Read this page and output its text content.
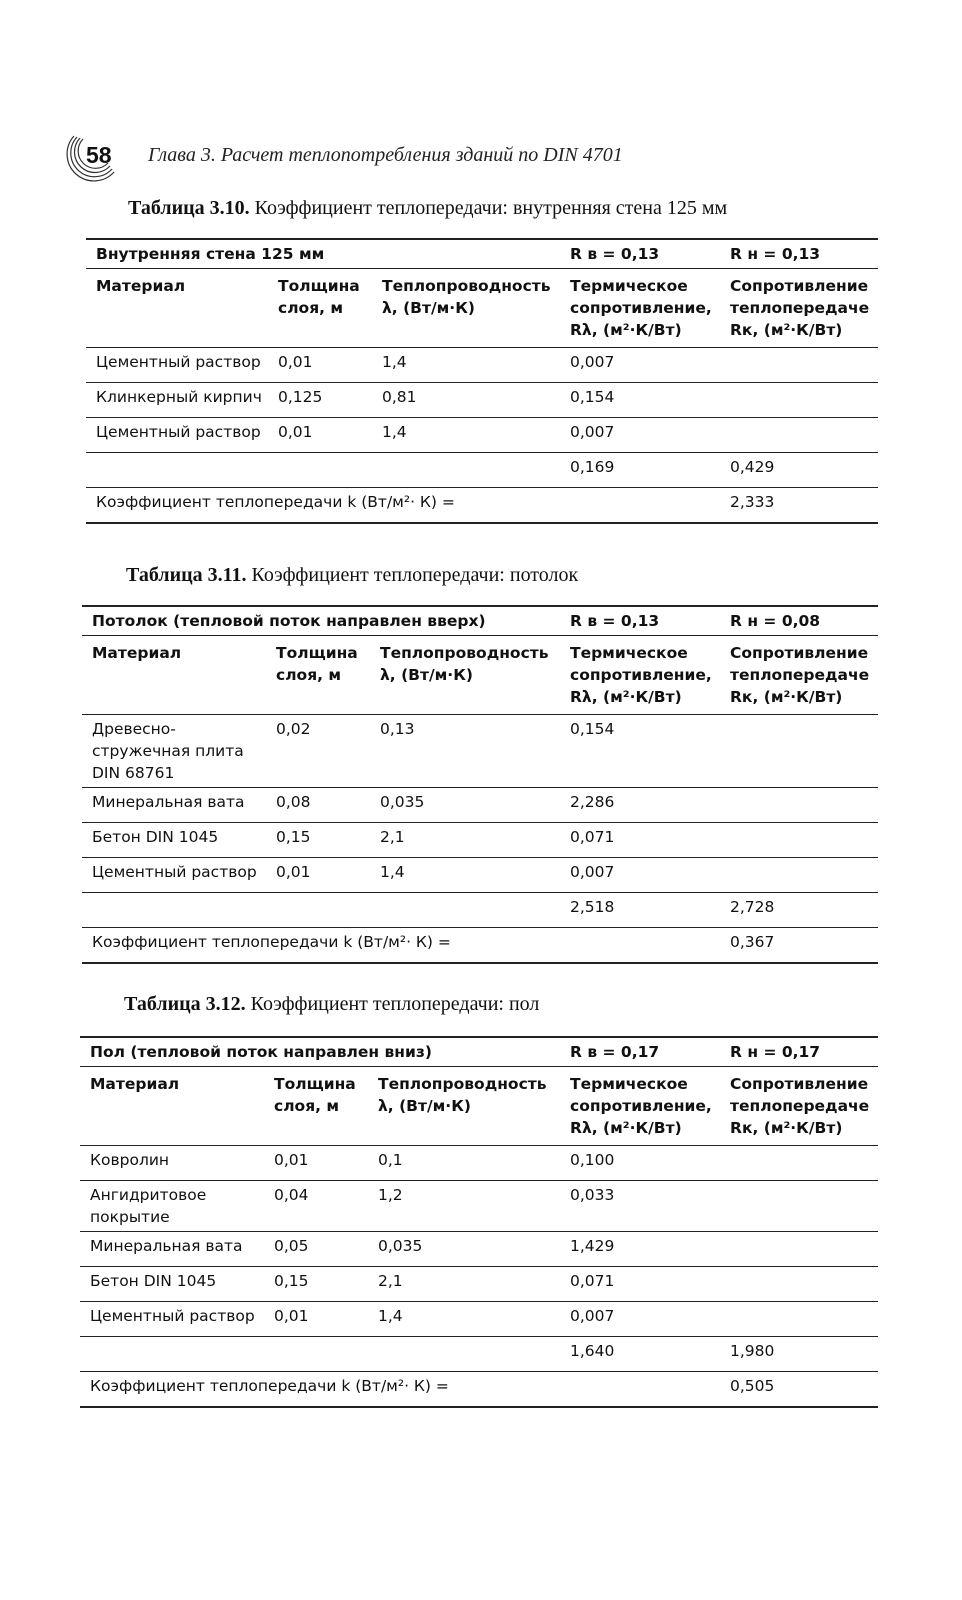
58 Глава 3. Расчет теплопотребления зданий по DIN 4701
Таблица 3.10. Коэффициент теплопередачи: внутренняя стена 125 мм
Внутренняя стена 125 мм			R в = 0,13	R н = 0,13
Материал	Толщина слоя, м	Теплопроводность λ, (Вт/м·К)	Термическое сопротивление, Rλ, (м²·К/Вт)	Сопротивление теплопередаче Rк, (м²·К/Вт)
Цементный раствор	0,01	1,4	0,007	
Клинкерный кирпич	0,125	0,81	0,154	
Цементный раствор	0,01	1,4	0,007	
			0,169	0,429
Коэффициент теплопередачи k (Вт/м²· К) =				2,333
Таблица 3.11. Коэффициент теплопередачи: потолок
Потолок (тепловой поток направлен вверх)			R в = 0,13	R н = 0,08
Материал	Толщина слоя, м	Теплопроводность λ, (Вт/м·К)	Термическое сопротивление, Rλ, (м²·К/Вт)	Сопротивление теплопередаче Rк, (м²·К/Вт)
Древесно-стружечная плита DIN 68761	0,02	0,13	0,154	
Минеральная вата	0,08	0,035	2,286	
Бетон DIN 1045	0,15	2,1	0,071	
Цементный раствор	0,01	1,4	0,007	
			2,518	2,728
Коэффициент теплопередачи k (Вт/м²· К) =				0,367
Таблица 3.12. Коэффициент теплопередачи: пол
Пол (тепловой поток направлен вниз)			R в = 0,17	R н = 0,17
Материал	Толщина слоя, м	Теплопроводность λ, (Вт/м·К)	Термическое сопротивление, Rλ, (м²·К/Вт)	Сопротивление теплопередаче Rк, (м²·К/Вт)
Ковролин	0,01	0,1	0,100	
Ангидритовое покрытие	0,04	1,2	0,033	
Минеральная вата	0,05	0,035	1,429	
Бетон DIN 1045	0,15	2,1	0,071	
Цементный раствор	0,01	1,4	0,007	
			1,640	1,980
Коэффициент теплопередачи k (Вт/м²· К) =				0,505
